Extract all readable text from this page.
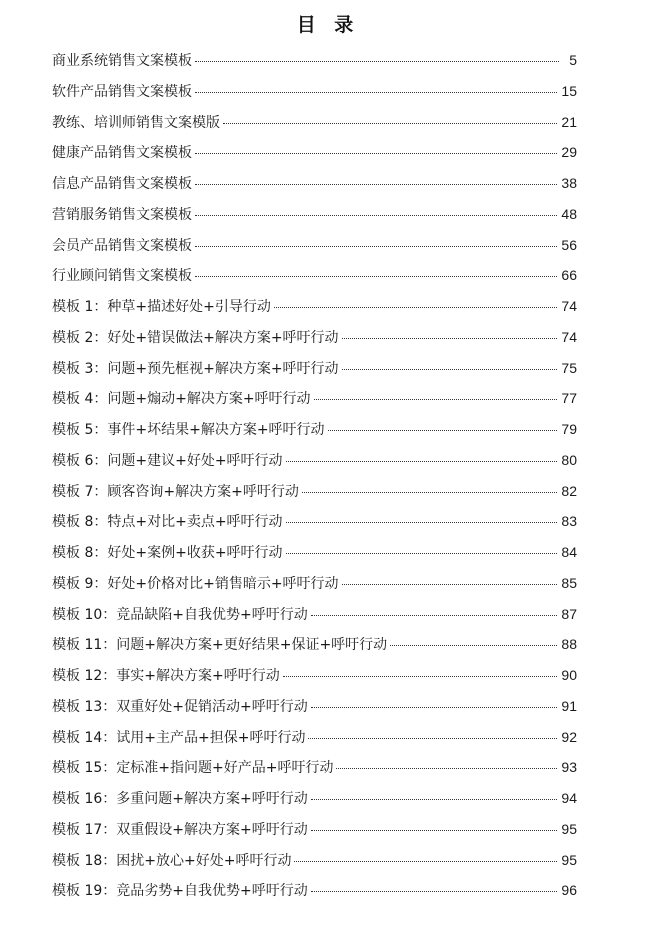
目 录
商业系统销售文案模板	5
软件产品销售文案模板	15
教练、培训师销售文案模版	21
健康产品销售文案模板	29
信息产品销售文案模板	38
营销服务销售文案模板	48
会员产品销售文案模板	56
行业顾问销售文案模板	66
模板 1：种草+描述好处+引导行动	74
模板 2：好处+错误做法+解决方案+呼吁行动	74
模板 3：问题+预先框视+解决方案+呼吁行动	75
模板 4：问题+煽动+解决方案+呼吁行动	77
模板 5：事件+坏结果+解决方案+呼吁行动	79
模板 6：问题+建议+好处+呼吁行动	80
模板 7：顾客咨询+解决方案+呼吁行动	82
模板 8：特点+对比+卖点+呼吁行动	83
模板 8：好处+案例+收获+呼吁行动	84
模板 9：好处+价格对比+销售暗示+呼吁行动	85
模板 10：竞品缺陷+自我优势+呼吁行动	87
模板 11：问题+解决方案+更好结果+保证+呼吁行动	88
模板 12：事实+解决方案+呼吁行动	90
模板 13：双重好处+促销活动+呼吁行动	91
模板 14：试用+主产品+担保+呼吁行动	92
模板 15：定标准+指问题+好产品+呼吁行动	93
模板 16：多重问题+解决方案+呼吁行动	94
模板 17：双重假设+解决方案+呼吁行动	95
模板 18：困扰+放心+好处+呼吁行动	95
模板 19：竞品劣势+自我优势+呼吁行动	96
